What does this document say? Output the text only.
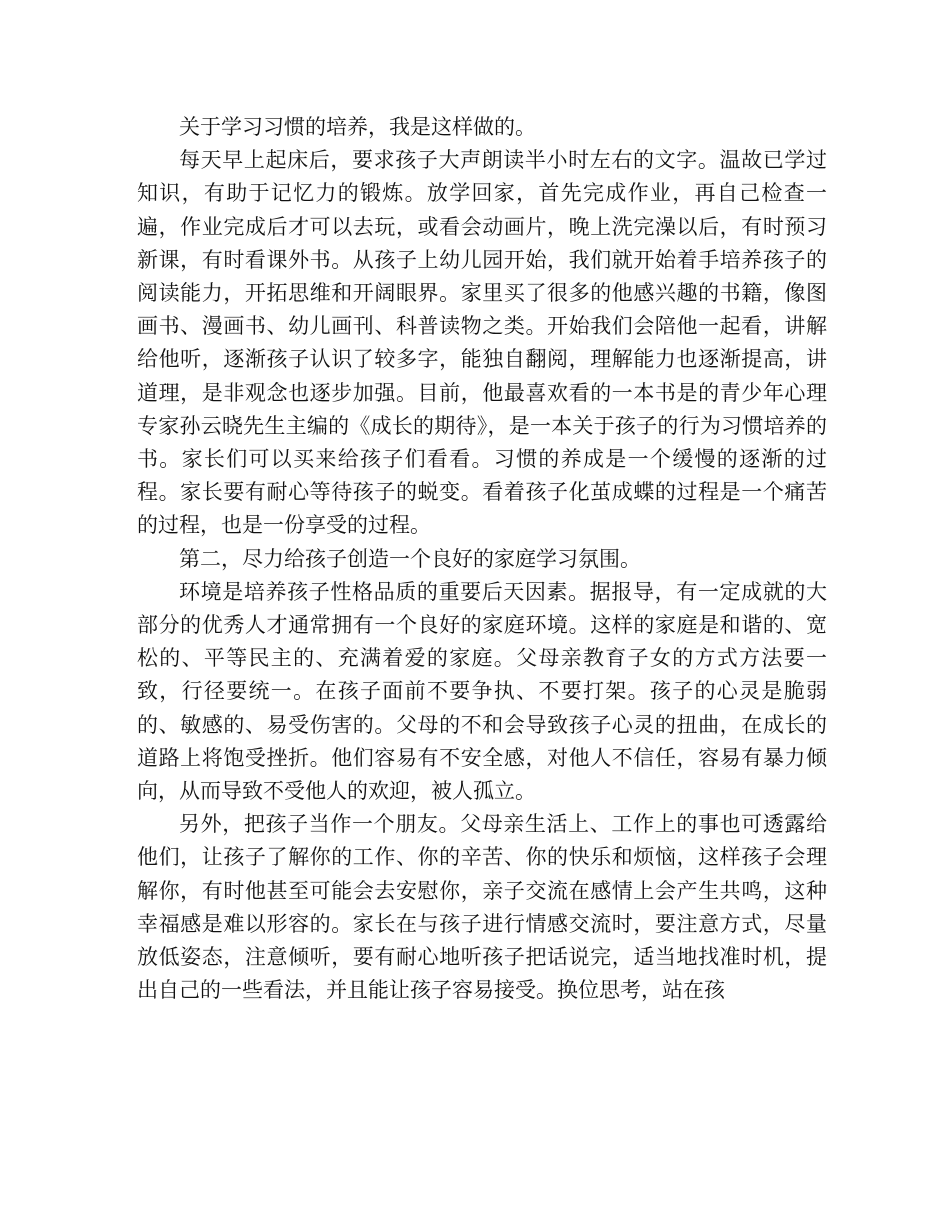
关于学习习惯的培养，我是这样做的。

每天早上起床后，要求孩子大声朗读半小时左右的文字。温故已学过知识，有助于记忆力的锻炼。放学回家，首先完成作业，再自己检查一遍，作业完成后才可以去玩，或看会动画片，晚上洗完澡以后，有时预习新课，有时看课外书。从孩子上幼儿园开始，我们就开始着手培养孩子的阅读能力，开拓思维和开阔眼界。家里买了很多的他感兴趣的书籍，像图画书、漫画书、幼儿画刊、科普读物之类。开始我们会陪他一起看，讲解给他听，逐渐孩子认识了较多字，能独自翻阅，理解能力也逐渐提高，讲道理，是非观念也逐步加强。目前，他最喜欢看的一本书是的青少年心理专家孙云晓先生主编的《成长的期待》，是一本关于孩子的行为习惯培养的书。家长们可以买来给孩子们看看。习惯的养成是一个缓慢的逐渐的过程。家长要有耐心等待孩子的蜕变。看着孩子化茧成蝶的过程是一个痛苦的过程，也是一份享受的过程。

第二，尽力给孩子创造一个良好的家庭学习氛围。

环境是培养孩子性格品质的重要后天因素。据报导，有一定成就的大部分的优秀人才通常拥有一个良好的家庭环境。这样的家庭是和谐的、宽松的、平等民主的、充满着爱的家庭。父母亲教育子女的方式方法要一致，行径要统一。在孩子面前不要争执、不要打架。孩子的心灵是脆弱的、敏感的、易受伤害的。父母的不和会导致孩子心灵的扭曲，在成长的道路上将饱受挫折。他们容易有不安全感，对他人不信任，容易有暴力倾向，从而导致不受他人的欢迎，被人孤立。

另外，把孩子当作一个朋友。父母亲生活上、工作上的事也可透露给他们，让孩子了解你的工作、你的辛苦、你的快乐和烦恼，这样孩子会理解你，有时他甚至可能会去安慰你，亲子交流在感情上会产生共鸣，这种幸福感是难以形容的。家长在与孩子进行情感交流时，要注意方式，尽量放低姿态，注意倾听，要有耐心地听孩子把话说完，适当地找准时机，提出自己的一些看法，并且能让孩子容易接受。换位思考，站在孩
